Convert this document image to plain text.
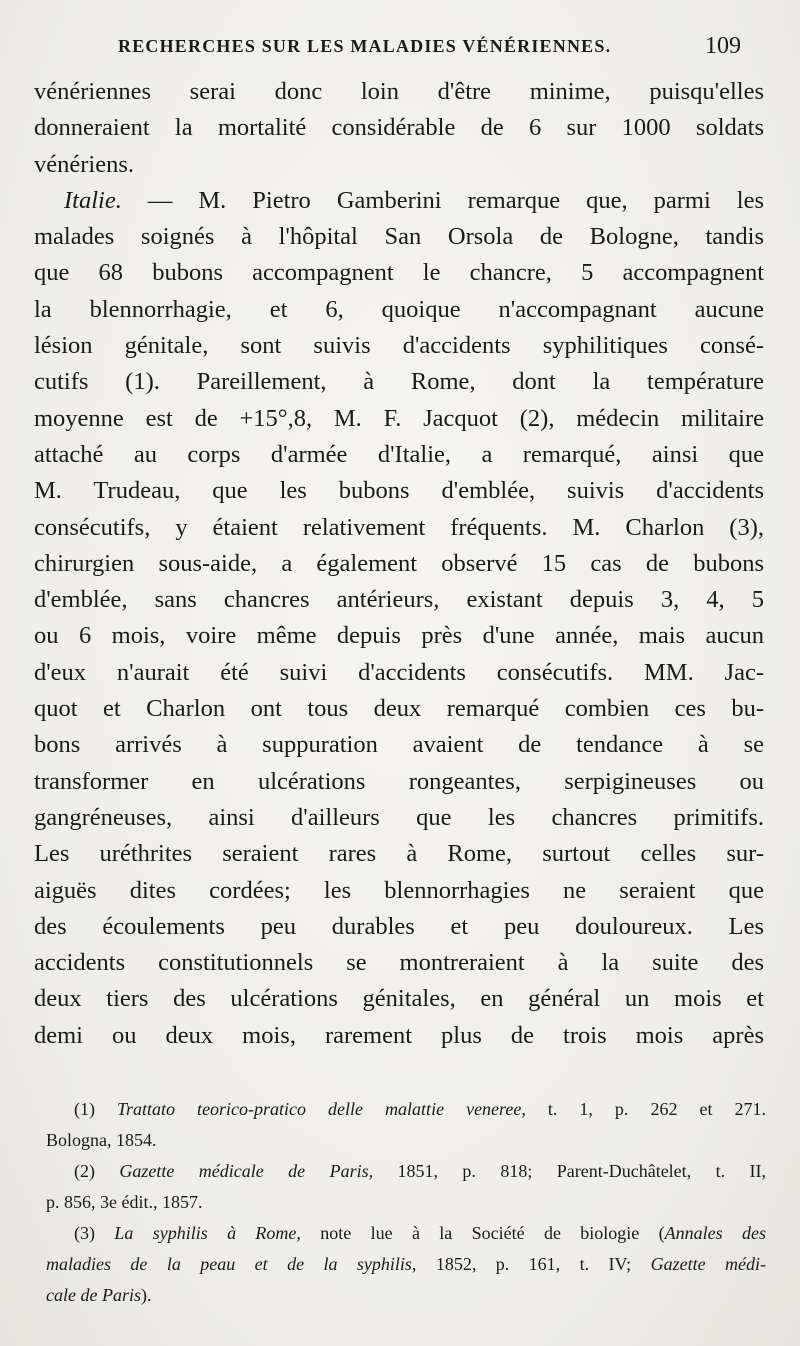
RECHERCHES SUR LES MALADIES VÉNÉRIENNES.	109
vénériennes serai donc loin d'être minime, puisqu'elles
donneraient la mortalité considérable de 6 sur 1000 soldats
vénériens.
Italie. — M. Pietro Gamberini remarque que, parmi les
malades soignés à l'hôpital San Orsola de Bologne, tandis
que 68 bubons accompagnent le chancre, 5 accompagnent
la blennorrhagie, et 6, quoique n'accompagnant aucune
lésion génitale, sont suivis d'accidents syphilitiques consé-
cutifs (1). Pareillement, à Rome, dont la température
moyenne est de +15°,8, M. F. Jacquot (2), médecin militaire
attaché au corps d'armée d'Italie, a remarqué, ainsi que
M. Trudeau, que les bubons d'emblée, suivis d'accidents
consécutifs, y étaient relativement fréquents. M. Charlon (3),
chirurgien sous-aide, a également observé 15 cas de bubons
d'emblée, sans chancres antérieurs, existant depuis 3, 4, 5
ou 6 mois, voire même depuis près d'une année, mais aucun
d'eux n'aurait été suivi d'accidents consécutifs. MM. Jac-
quot et Charlon ont tous deux remarqué combien ces bu-
bons arrivés à suppuration avaient de tendance à se
transformer en ulcérations rongeantes, serpigineuses ou
gangréneuses, ainsi d'ailleurs que les chancres primitifs.
Les uréthrites seraient rares à Rome, surtout celles sur-
aiguës dites cordées; les blennorrhagies ne seraient que
des écoulements peu durables et peu douloureux. Les
accidents constitutionnels se montreraient à la suite des
deux tiers des ulcérations génitales, en général un mois et
demi ou deux mois, rarement plus de trois mois après
(1) Trattato teorico-pratico delle malattie veneree, t. 1, p. 262 et 271.
Bologna, 1854.
(2) Gazette médicale de Paris, 1851, p. 818; Parent-Duchâtelet, t. II,
p. 856, 3e édit., 1857.
(3) La syphilis à Rome, note lue à la Société de biologie (Annales des
maladies de la peau et de la syphilis, 1852, p. 161, t. IV; Gazette médi-
cale de Paris).
